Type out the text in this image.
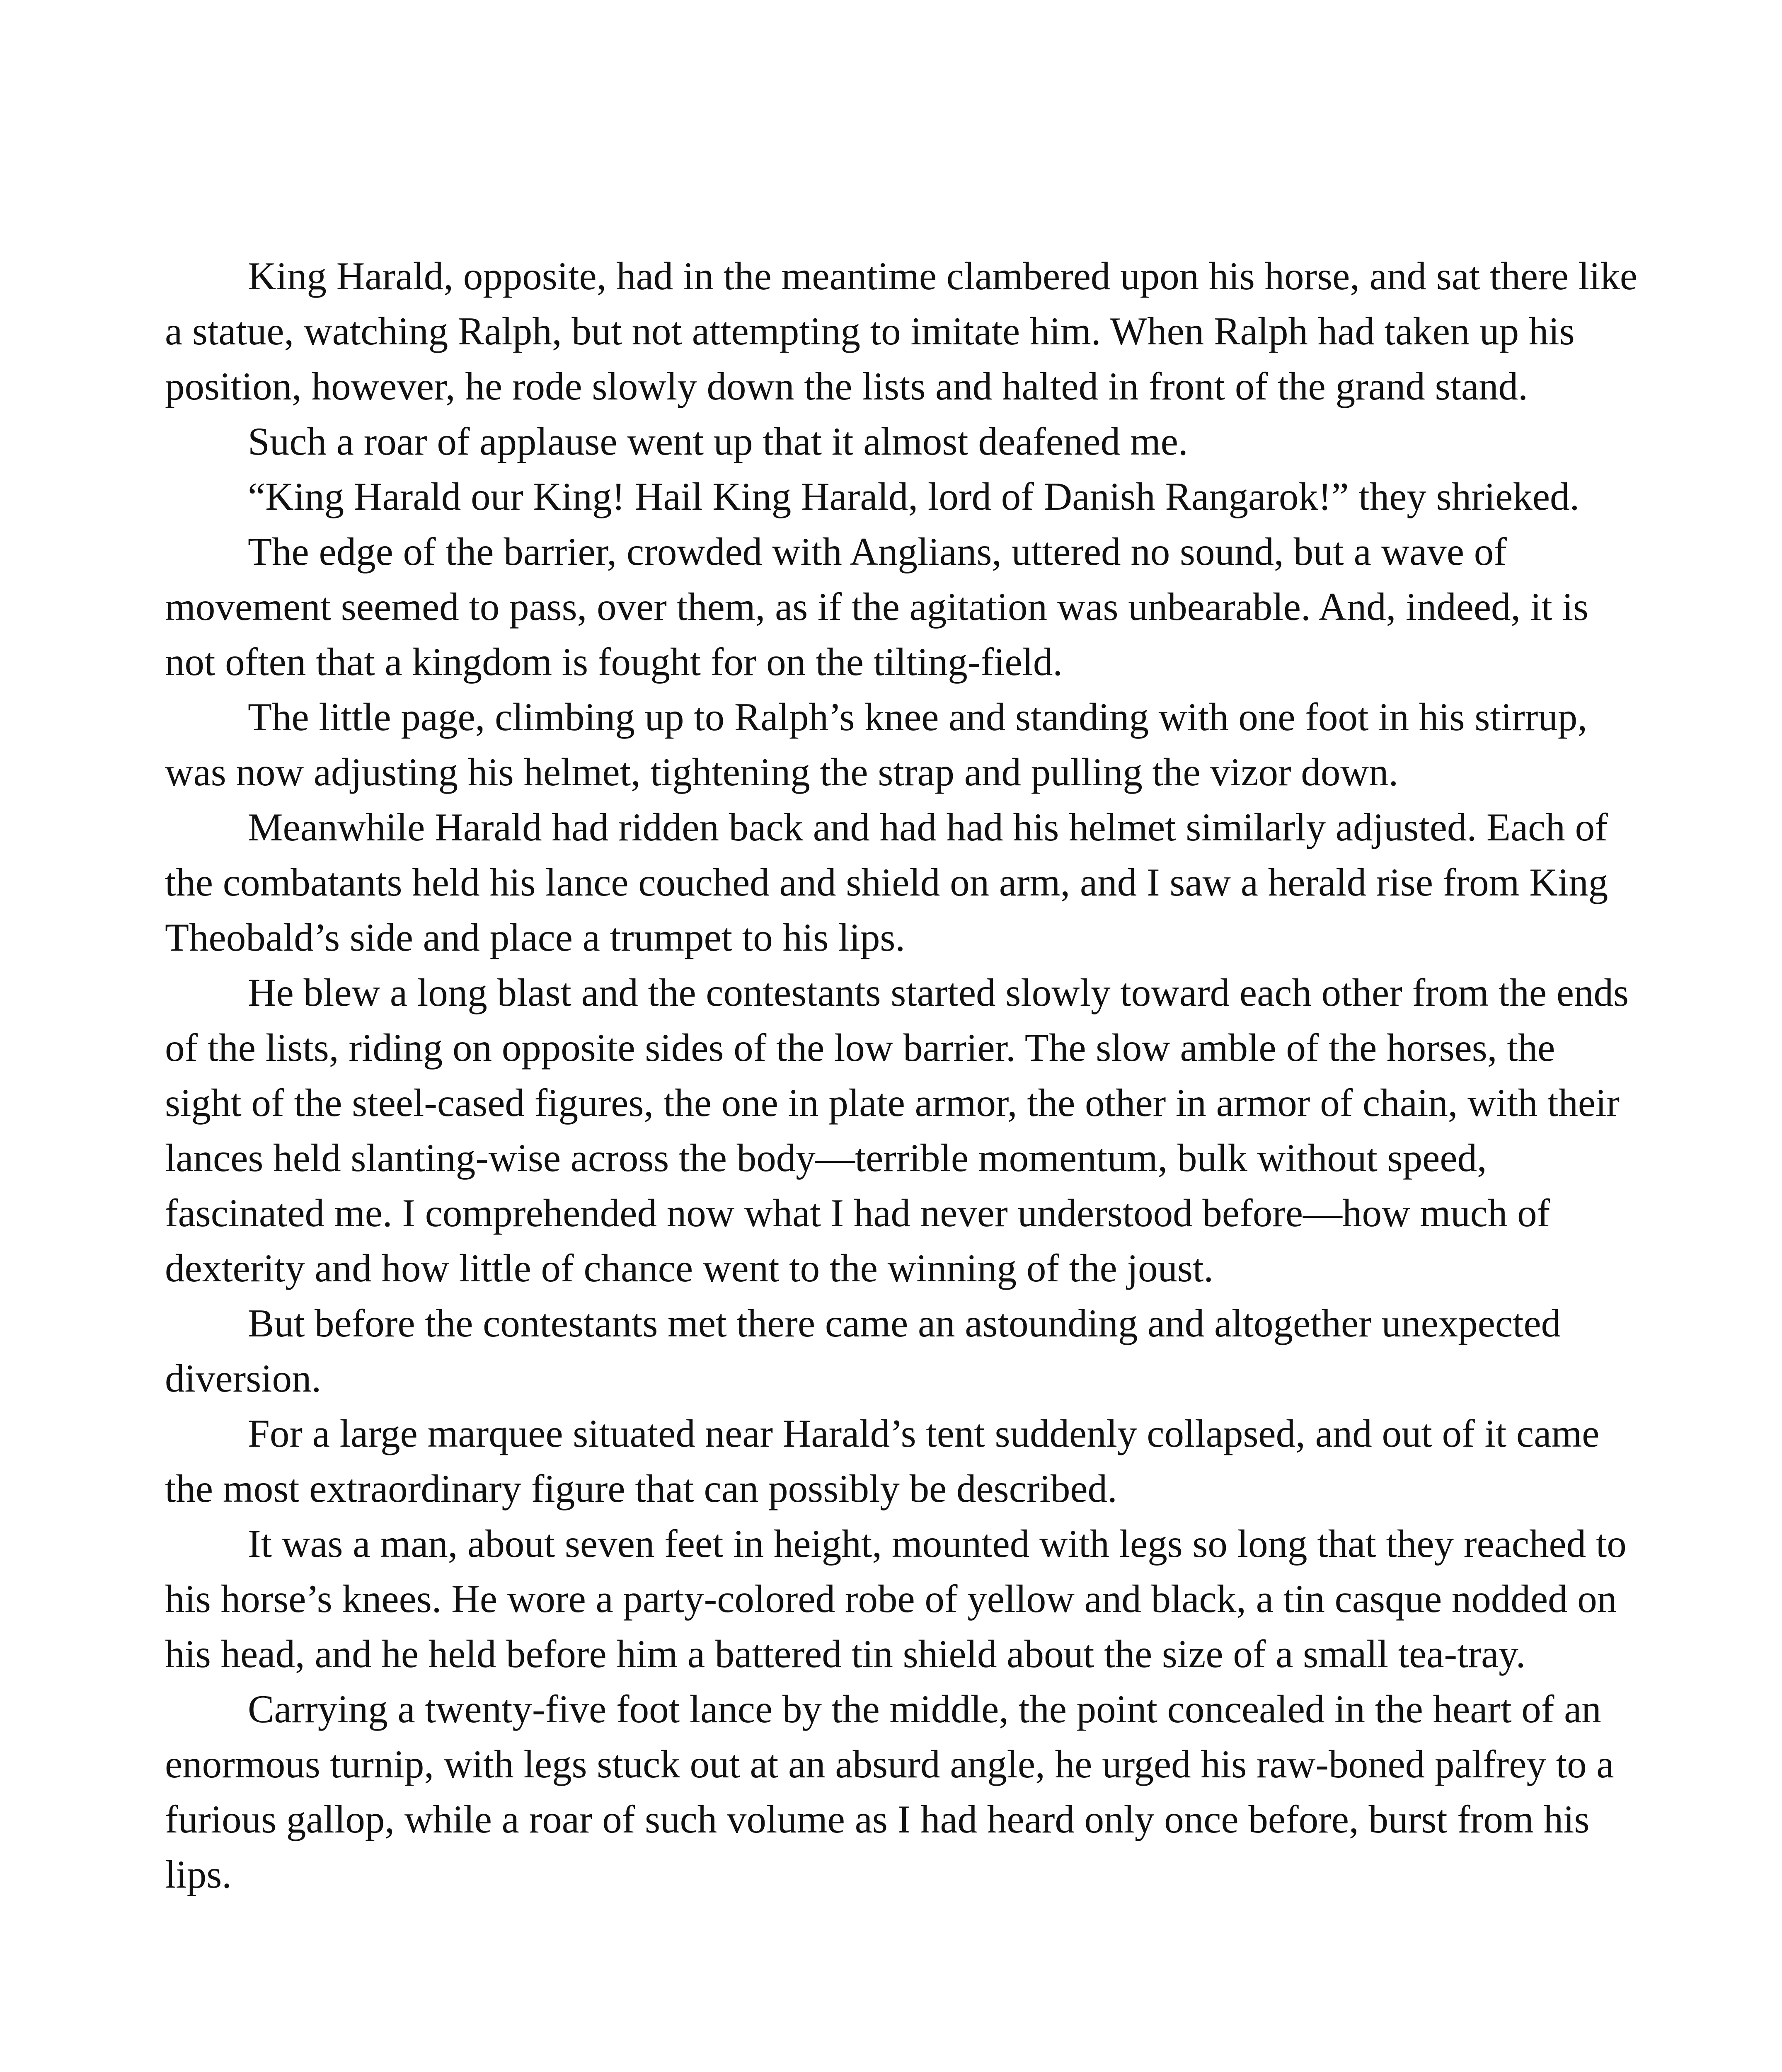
King Harald, opposite, had in the meantime clambered upon his horse, and sat there like a statue, watching Ralph, but not attempting to imitate him. When Ralph had taken up his position, however, he rode slowly down the lists and halted in front of the grand stand.

Such a roar of applause went up that it almost deafened me.

“King Harald our King! Hail King Harald, lord of Danish Rangarok!” they shrieked.

The edge of the barrier, crowded with Anglians, uttered no sound, but a wave of movement seemed to pass, over them, as if the agitation was unbearable. And, indeed, it is not often that a kingdom is fought for on the tilting-field.

The little page, climbing up to Ralph’s knee and standing with one foot in his stirrup, was now adjusting his helmet, tightening the strap and pulling the vizor down.

Meanwhile Harald had ridden back and had had his helmet similarly adjusted. Each of the combatants held his lance couched and shield on arm, and I saw a herald rise from King Theobald’s side and place a trumpet to his lips.

He blew a long blast and the contestants started slowly toward each other from the ends of the lists, riding on opposite sides of the low barrier. The slow amble of the horses, the sight of the steel-cased figures, the one in plate armor, the other in armor of chain, with their lances held slanting-wise across the body—terrible momentum, bulk without speed, fascinated me. I comprehended now what I had never understood before—how much of dexterity and how little of chance went to the winning of the joust.

But before the contestants met there came an astounding and altogether unexpected diversion.

For a large marquee situated near Harald’s tent suddenly collapsed, and out of it came the most extraordinary figure that can possibly be described.

It was a man, about seven feet in height, mounted with legs so long that they reached to his horse’s knees. He wore a party-colored robe of yellow and black, a tin casque nodded on his head, and he held before him a battered tin shield about the size of a small tea-tray.

Carrying a twenty-five foot lance by the middle, the point concealed in the heart of an enormous turnip, with legs stuck out at an absurd angle, he urged his raw-boned palfrey to a furious gallop, while a roar of such volume as I had heard only once before, burst from his lips.
